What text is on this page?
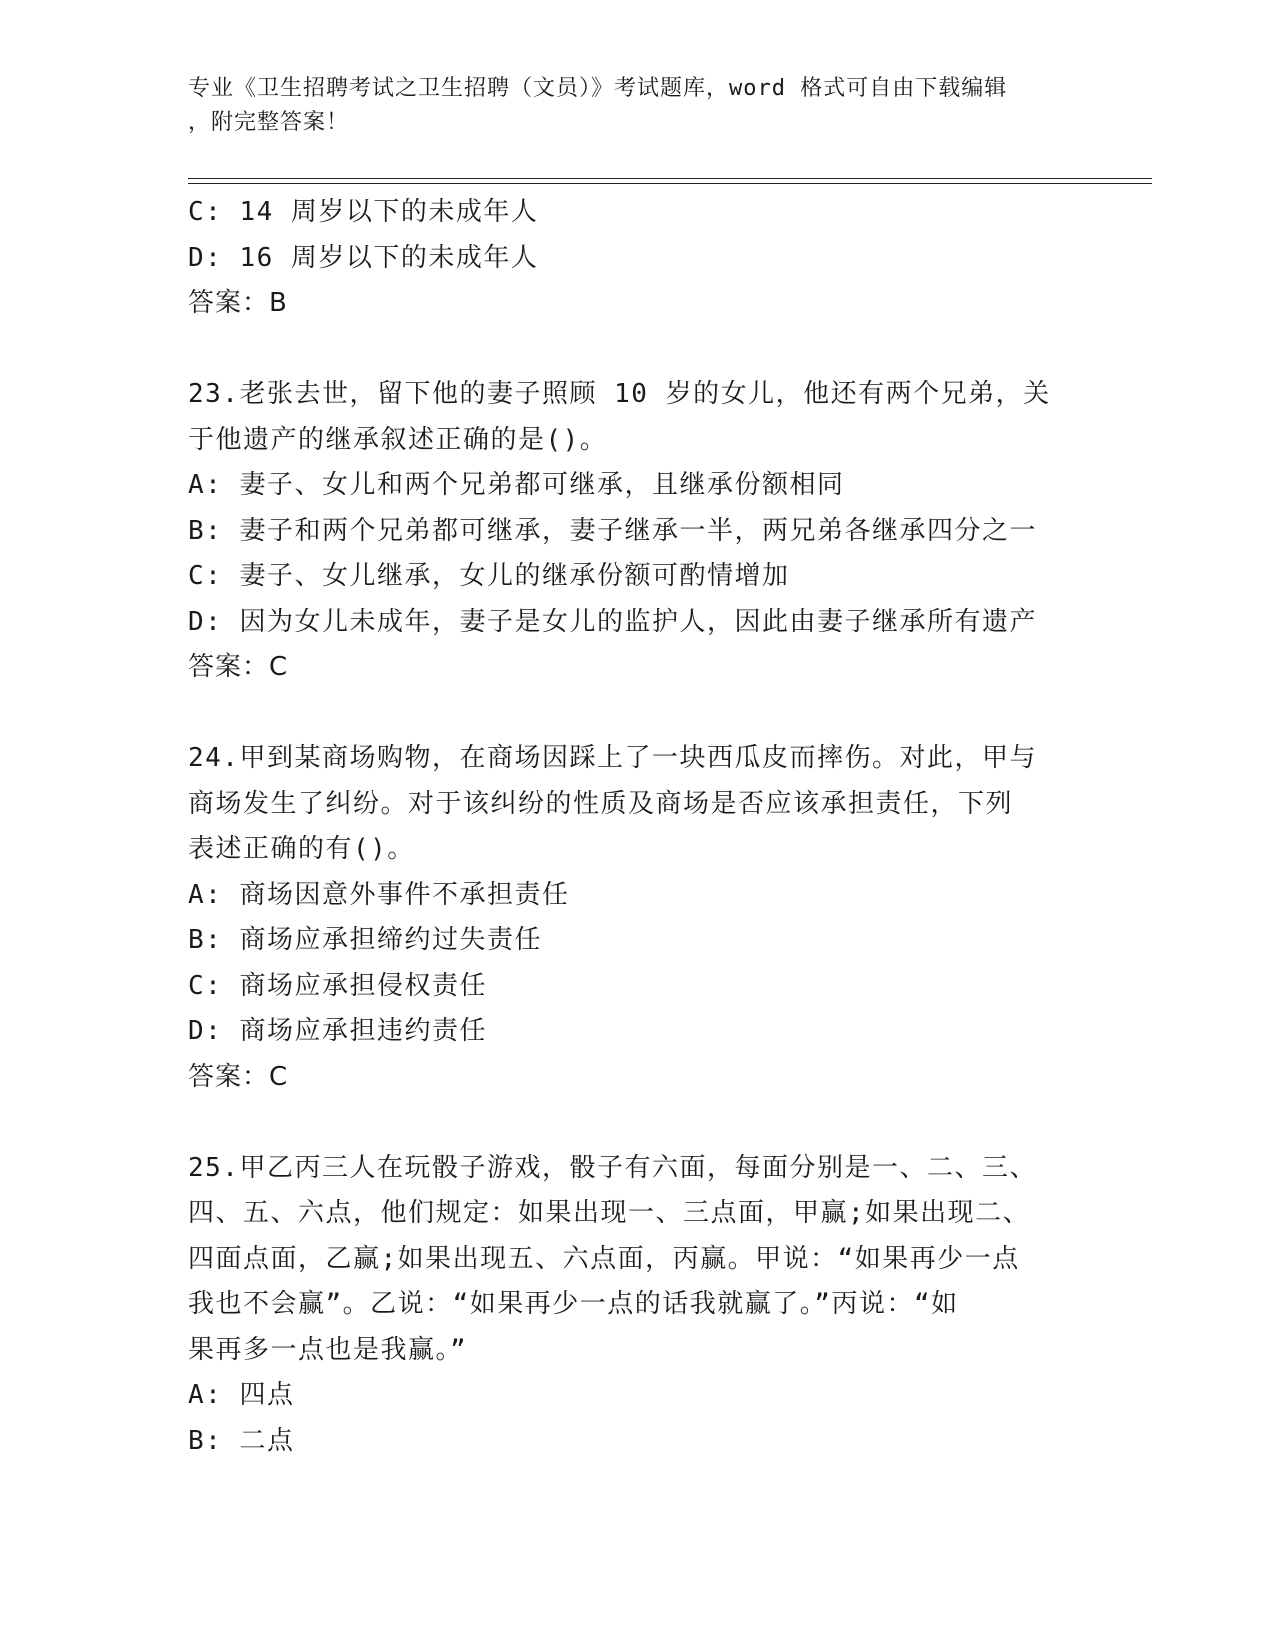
专业《卫生招聘考试之卫生招聘（文员）》考试题库，word 格式可自由下载编辑
，附完整答案！
C: 14 周岁以下的未成年人
D: 16 周岁以下的未成年人
答案：B
23.老张去世，留下他的妻子照顾 10 岁的女儿，他还有两个兄弟，关
于他遗产的继承叙述正确的是()。
A: 妻子、女儿和两个兄弟都可继承，且继承份额相同
B: 妻子和两个兄弟都可继承，妻子继承一半，两兄弟各继承四分之一
C: 妻子、女儿继承，女儿的继承份额可酌情增加
D: 因为女儿未成年，妻子是女儿的监护人，因此由妻子继承所有遗产
答案：C
24.甲到某商场购物，在商场因踩上了一块西瓜皮而摔伤。对此，甲与
商场发生了纠纷。对于该纠纷的性质及商场是否应该承担责任，下列
表述正确的有()。
A: 商场因意外事件不承担责任
B: 商场应承担缔约过失责任
C: 商场应承担侵权责任
D: 商场应承担违约责任
答案：C
25.甲乙丙三人在玩骰子游戏，骰子有六面，每面分别是一、二、三、
四、五、六点，他们规定：如果出现一、三点面，甲赢;如果出现二、
四面点面，乙赢;如果出现五、六点面，丙赢。甲说：“如果再少一点
我也不会赢”。乙说：“如果再少一点的话我就赢了。”丙说：“如
果再多一点也是我赢。”
A: 四点
B: 二点
